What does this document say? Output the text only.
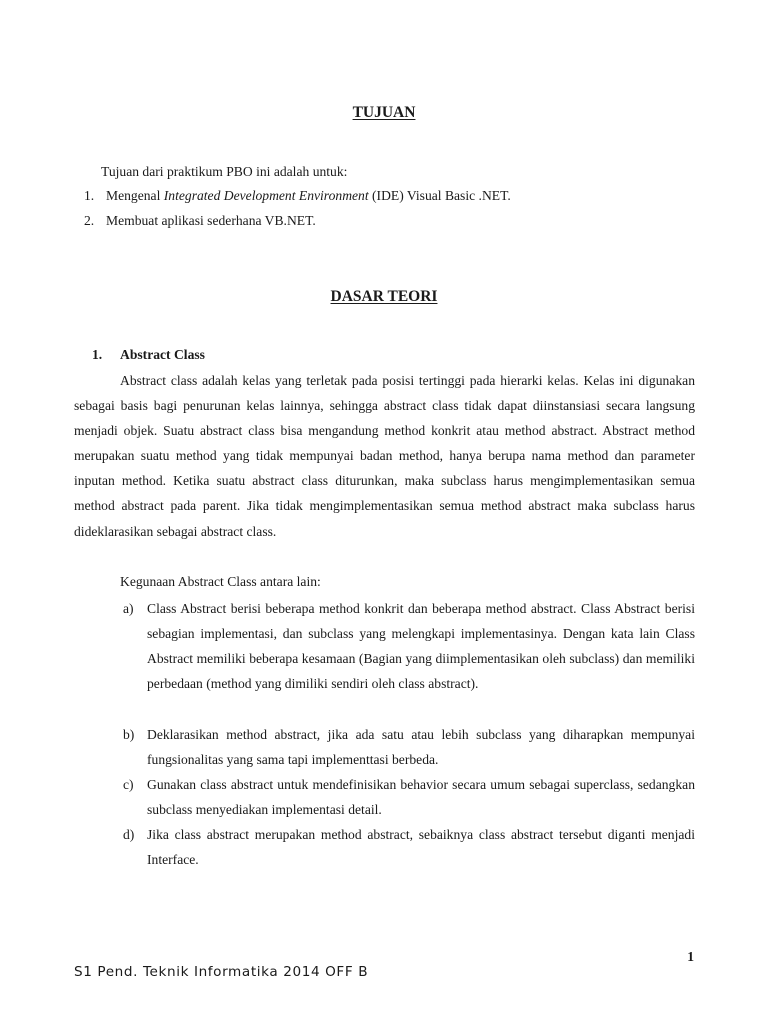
TUJUAN
Tujuan dari praktikum PBO ini adalah untuk:
1. Mengenal Integrated Development Environment (IDE) Visual Basic .NET.
2. Membuat aplikasi sederhana VB.NET.
DASAR TEORI
1. Abstract Class
Abstract class adalah kelas yang terletak pada posisi tertinggi pada hierarki kelas. Kelas ini digunakan sebagai basis bagi penurunan kelas lainnya, sehingga abstract class tidak dapat diinstansiasi secara langsung menjadi objek. Suatu abstract class bisa mengandung method konkrit atau method abstract. Abstract method merupakan suatu method yang tidak mempunyai badan method, hanya berupa nama method dan parameter inputan method. Ketika suatu abstract class diturunkan, maka subclass harus mengimplementasikan semua method abstract pada parent. Jika tidak mengimplementasikan semua method abstract maka subclass harus dideklarasikan sebagai abstract class.
Kegunaan Abstract Class antara lain:
a) Class Abstract berisi beberapa method konkrit dan beberapa method abstract. Class Abstract berisi sebagian implementasi, dan subclass yang melengkapi implementasinya. Dengan kata lain Class Abstract memiliki beberapa kesamaan (Bagian yang diimplementasikan oleh subclass) dan memiliki perbedaan (method yang dimiliki sendiri oleh class abstract).
b) Deklarasikan method abstract, jika ada satu atau lebih subclass yang diharapkan mempunyai fungsionalitas yang sama tapi implementtasi berbeda.
c) Gunakan class abstract untuk mendefinisikan behavior secara umum sebagai superclass, sedangkan subclass menyediakan implementasi detail.
d) Jika class abstract merupakan method abstract, sebaiknya class abstract tersebut diganti menjadi Interface.
1
S1 Pend. Teknik Informatika 2014 OFF B
